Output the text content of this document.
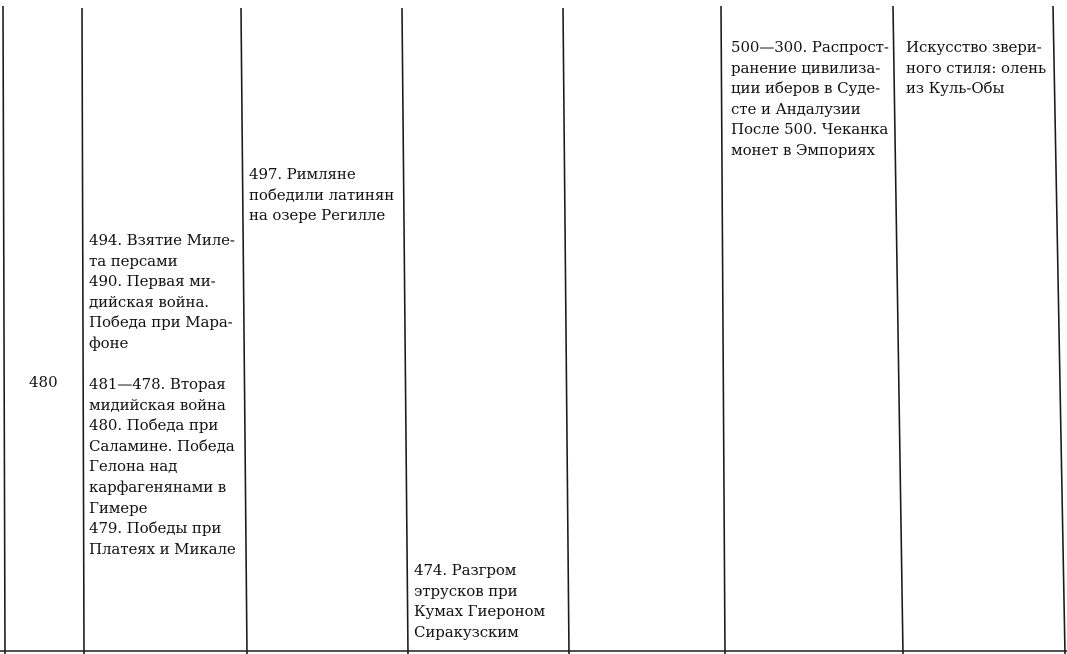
480
494. Взятие Миле-
та персами
490. Первая ми-
дийская война.
Победа при Мара-
фоне
481—478. Вторая
мидийская война
480. Победа при
Саламине. Победа
Гелона над
карфагенянами в
Гимере
479. Победы при
Платеях и Микале
497. Римляне
победили латинян
на озере Регилле
474. Разгром
этрусков при
Кумах Гиероном
Сиракузским
500—300. Распрост-
ранение цивилиза-
ции иберов в Суде-
сте и Андалузии
После 500. Чеканка
монет в Эмпориях
Искусство звери-
ного стиля: олень
из Куль-Обы
